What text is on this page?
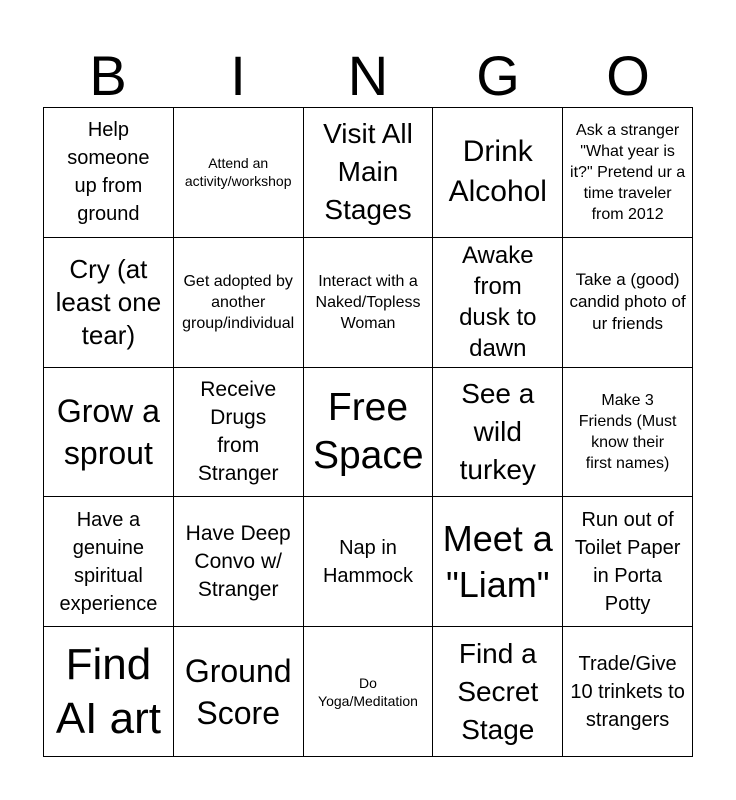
B	I	N	G	O
Help someone up from ground
Attend an activity/workshop
Visit All Main Stages
Drink Alcohol
Ask a stranger "What year is it?" Pretend ur a time traveler from 2012
Cry (at least one tear)
Get adopted by another group/individual
Interact with a Naked/Topless Woman
Awake from dusk to dawn
Take a (good) candid photo of ur friends
Grow a sprout
Receive Drugs from Stranger
Free Space
See a wild turkey
Make 3 Friends (Must know their first names)
Have a genuine spiritual experience
Have Deep Convo w/ Stranger
Nap in Hammock
Meet a "Liam"
Run out of Toilet Paper in Porta Potty
Find AI art
Ground Score
Do Yoga/Meditation
Find a Secret Stage
Trade/Give 10 trinkets to strangers
